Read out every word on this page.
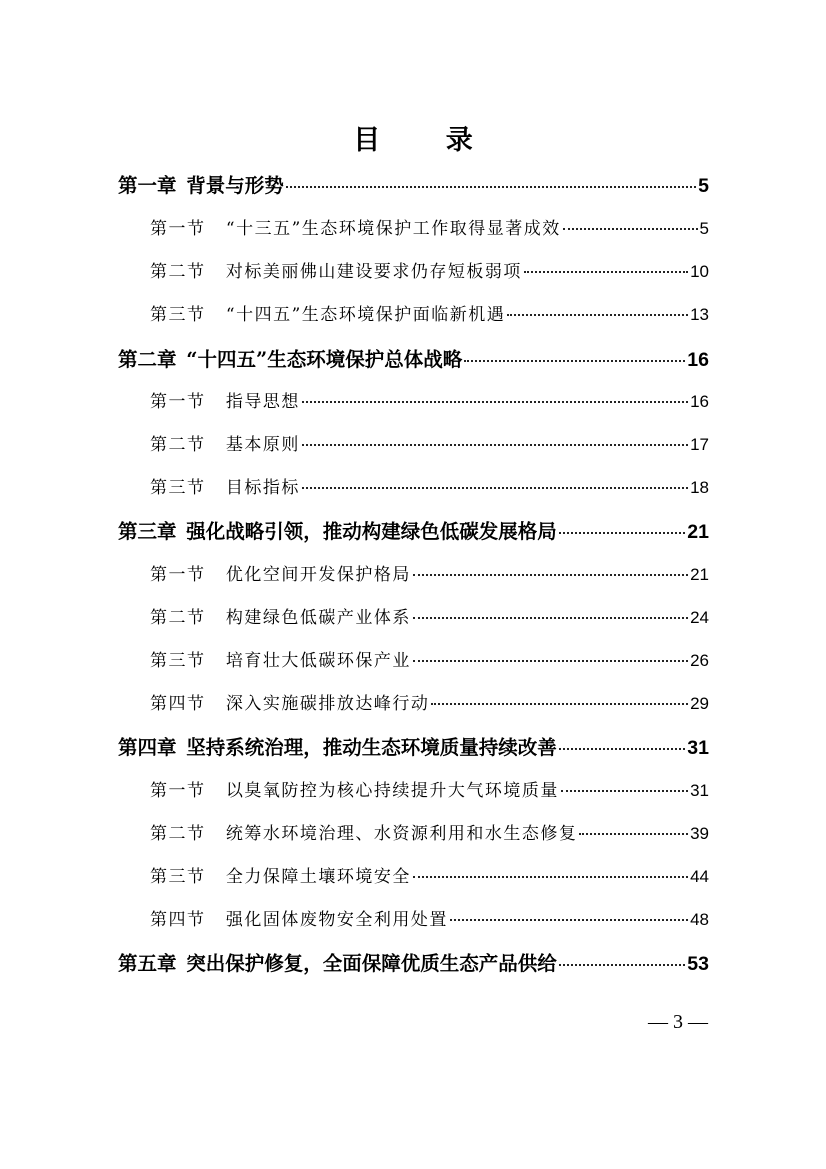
目 录
第一章 背景与形势	5
第一节 “十三五”生态环境保护工作取得显著成效	5
第二节 对标美丽佛山建设要求仍存短板弱项	10
第三节 “十四五”生态环境保护面临新机遇	13
第二章 “十四五”生态环境保护总体战略	16
第一节 指导思想	16
第二节 基本原则	17
第三节 目标指标	18
第三章 强化战略引领，推动构建绿色低碳发展格局	21
第一节 优化空间开发保护格局	21
第二节 构建绿色低碳产业体系	24
第三节 培育壮大低碳环保产业	26
第四节 深入实施碳排放达峰行动	29
第四章 坚持系统治理，推动生态环境质量持续改善	31
第一节 以臭氧防控为核心持续提升大气环境质量	31
第二节 统筹水环境治理、水资源利用和水生态修复	39
第三节 全力保障土壤环境安全	44
第四节 强化固体废物安全利用处置	48
第五章 突出保护修复，全面保障优质生态产品供给	53
— 3 —
